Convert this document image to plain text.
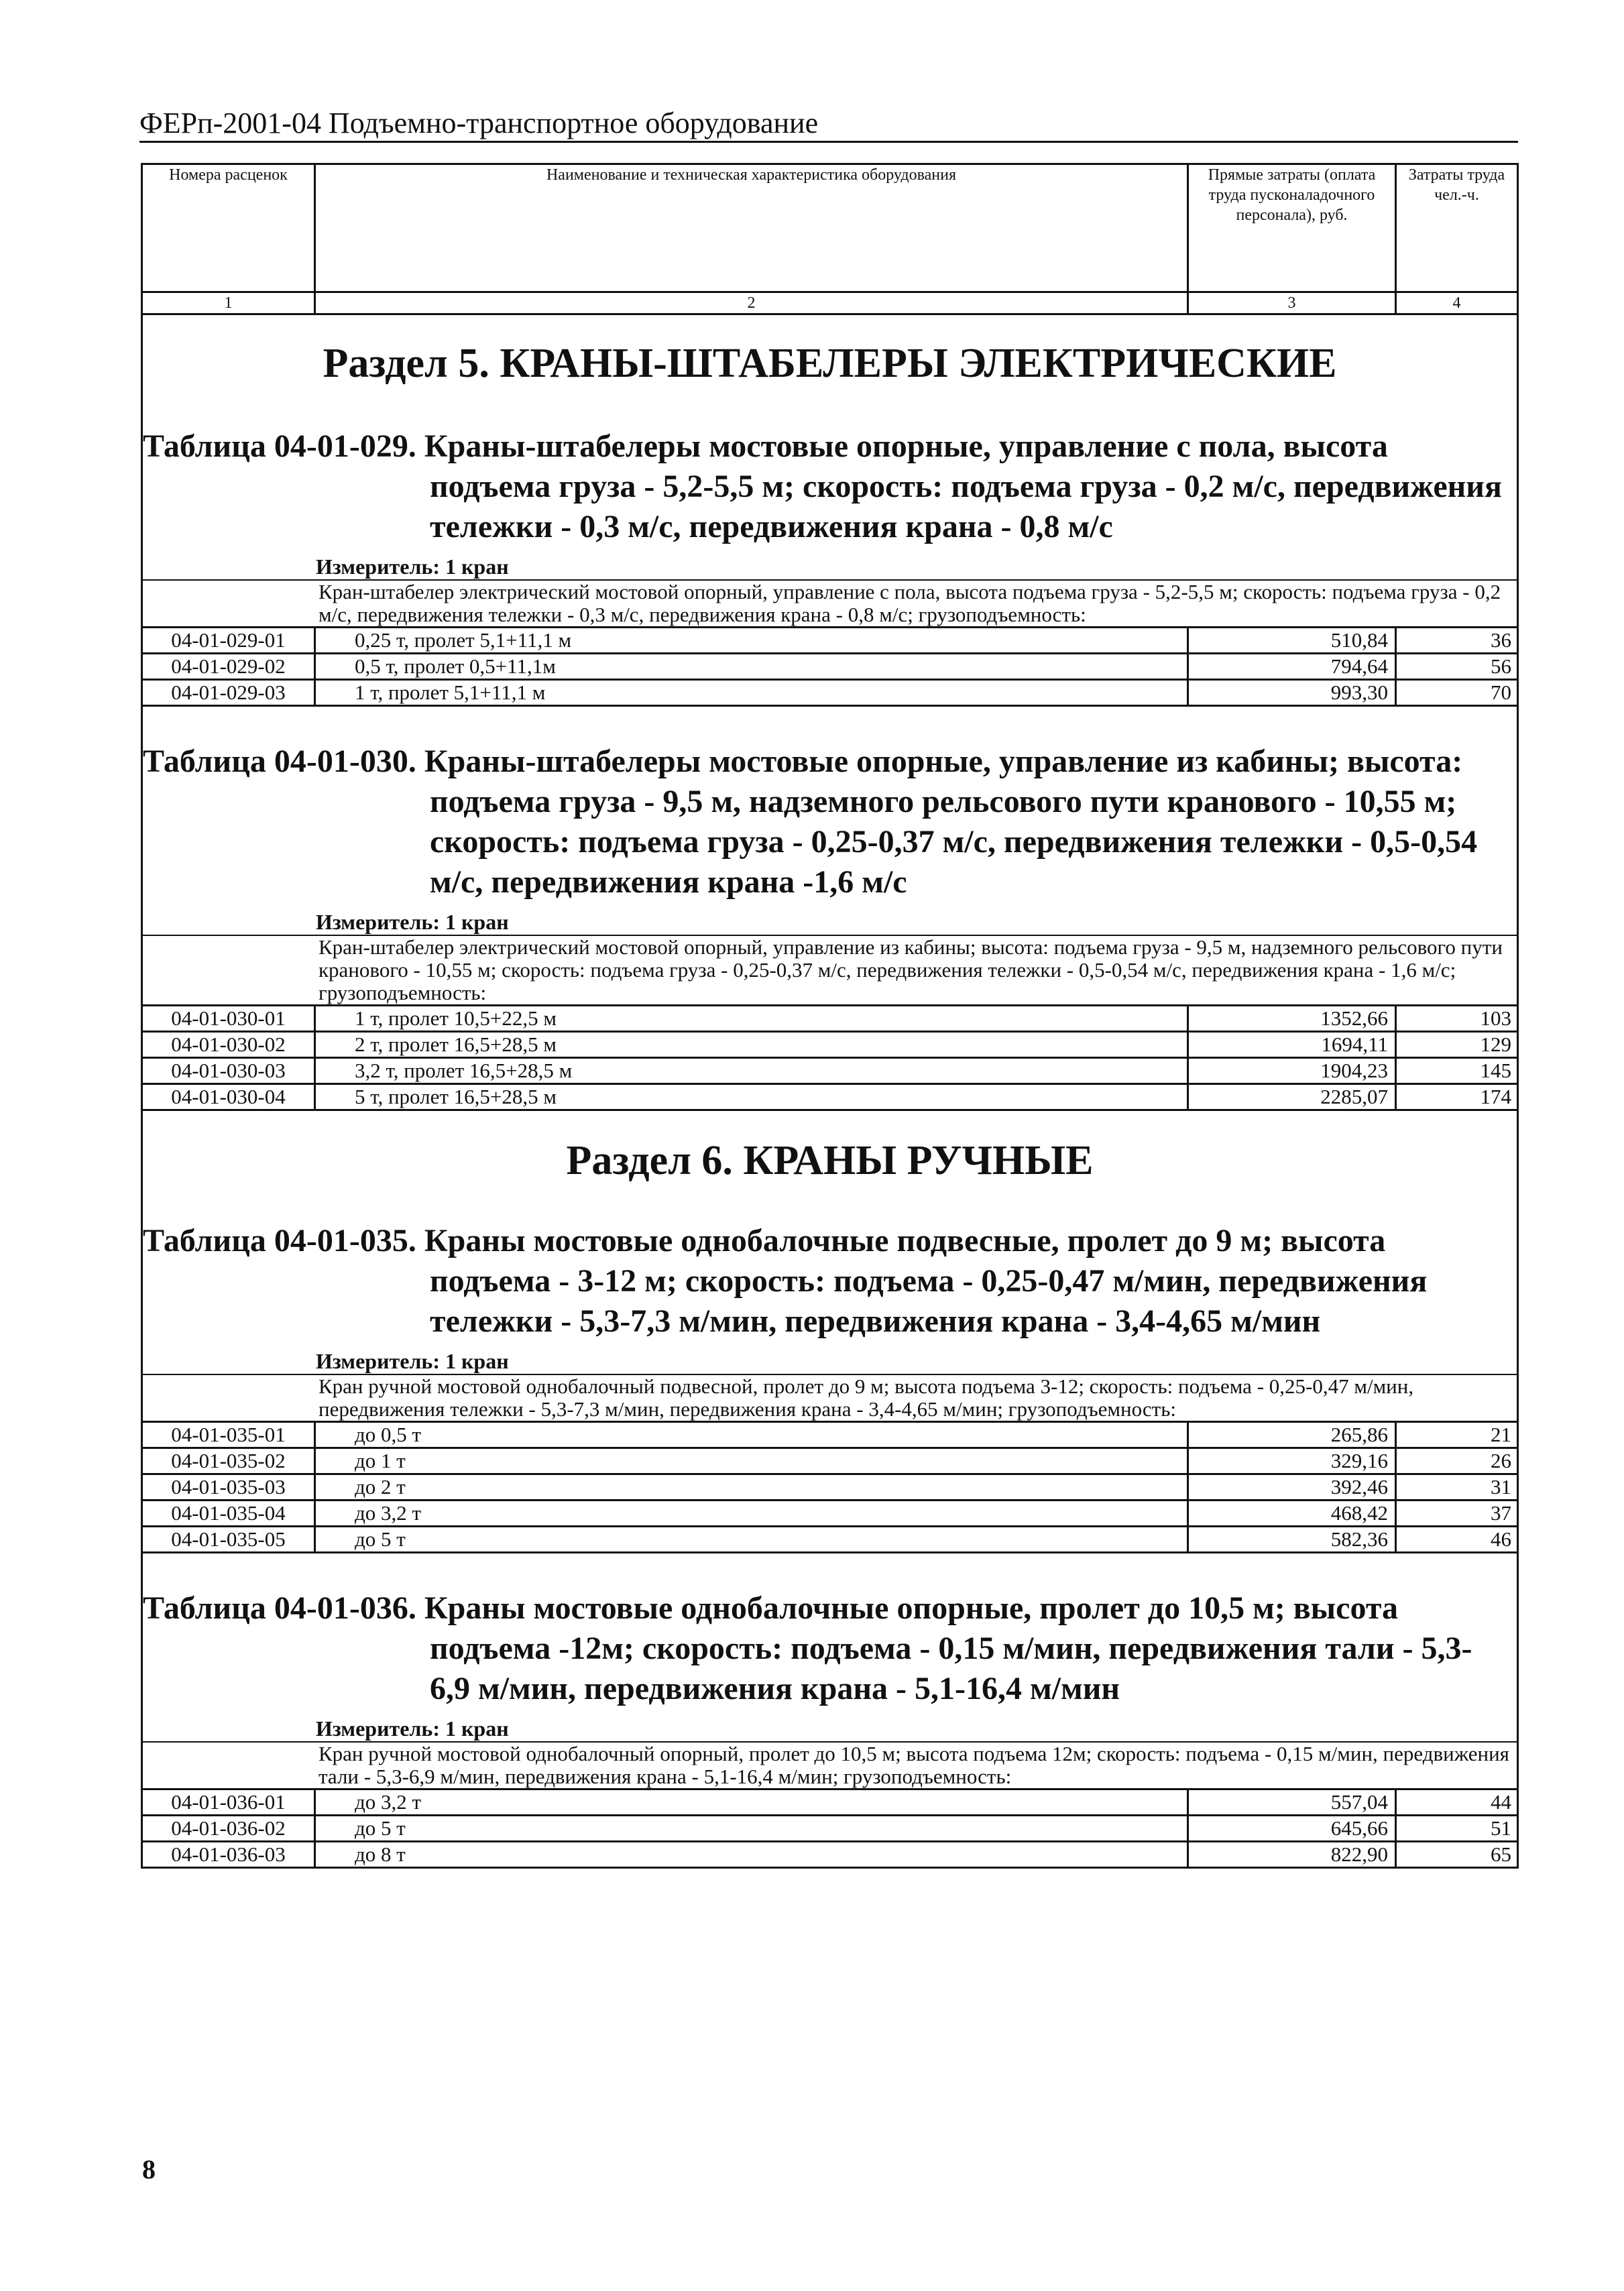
ФЕРп-2001-04 Подъемно-транспортное оборудование
Номера расценок	Наименование и техническая характеристика оборудования	Прямые затраты (оплата труда пусконаладочного персонала), руб.	Затраты труда чел.-ч.
1	2	3	4

Раздел 5. КРАНЫ-ШТАБЕЛЕРЫ ЭЛЕКТРИЧЕСКИЕ			

Таблица 04-01-029. Краны-штабелеры мостовые опорные, управление с пола, высота подъема груза - 5,2-5,5 м; скорость: подъема груза - 0,2 м/с, передвижения тележки - 0,3 м/с, передвижения крана - 0,8 м/с			

Измеритель: 1 кран			

Кран-штабелер электрический мостовой опорный, управление с пола, высота подъема груза - 5,2-5,5 м; скорость: подъема груза - 0,2 м/с, передвижения тележки - 0,3 м/с, передвижения крана - 0,8 м/с; грузоподъемность:			

04-01-029-01	0,25 т, пролет 5,1+11,1 м	510,84	36
04-01-029-02	0,5 т, пролет 0,5+11,1м	794,64	56
04-01-029-03	1 т, пролет 5,1+11,1 м	993,30	70

Таблица 04-01-030. Краны-штабелеры мостовые опорные, управление из кабины; высота: подъема груза - 9,5 м, надземного рельсового пути кранового - 10,55 м; скорость: подъема груза - 0,25-0,37 м/с, передвижения тележки - 0,5-0,54 м/с, передвижения крана -1,6 м/с			

Измеритель: 1 кран			

Кран-штабелер электрический мостовой опорный, управление из кабины; высота: подъема груза - 9,5 м, надземного рельсового пути кранового - 10,55 м; скорость: подъема груза - 0,25-0,37 м/с, передвижения тележки - 0,5-0,54 м/с, передвижения крана - 1,6 м/с; грузоподъемность:			

04-01-030-01	1 т, пролет 10,5+22,5 м	1352,66	103
04-01-030-02	2 т, пролет 16,5+28,5 м	1694,11	129
04-01-030-03	3,2 т, пролет 16,5+28,5 м	1904,23	145
04-01-030-04	5 т, пролет 16,5+28,5 м	2285,07	174

Раздел 6. КРАНЫ РУЧНЫЕ			

Таблица 04-01-035. Краны мостовые однобалочные подвесные, пролет до 9 м; высота подъема - 3-12 м; скорость: подъема - 0,25-0,47 м/мин, передвижения тележки - 5,3-7,3 м/мин, передвижения крана - 3,4-4,65 м/мин			

Измеритель: 1 кран			

Кран ручной мостовой однобалочный подвесной, пролет до 9 м; высота подъема 3-12; скорость: подъема - 0,25-0,47 м/мин, передвижения тележки - 5,3-7,3 м/мин, передвижения крана - 3,4-4,65 м/мин; грузоподъемность:			

04-01-035-01	до 0,5 т	265,86	21
04-01-035-02	до 1 т	329,16	26
04-01-035-03	до 2 т	392,46	31
04-01-035-04	до 3,2 т	468,42	37
04-01-035-05	до 5 т	582,36	46

Таблица 04-01-036. Краны мостовые однобалочные опорные, пролет до 10,5 м; высота подъема -12м; скорость: подъема - 0,15 м/мин, передвижения тали - 5,3-6,9 м/мин, передвижения крана - 5,1-16,4 м/мин			

Измеритель: 1 кран			

Кран ручной мостовой однобалочный опорный, пролет до 10,5 м; высота подъема 12м; скорость: подъема - 0,15 м/мин, передвижения тали - 5,3-6,9 м/мин, передвижения крана - 5,1-16,4 м/мин; грузоподъемность:			

04-01-036-01	до 3,2 т	557,04	44
04-01-036-02	до 5 т	645,66	51
04-01-036-03	до 8 т	822,90	65
8
